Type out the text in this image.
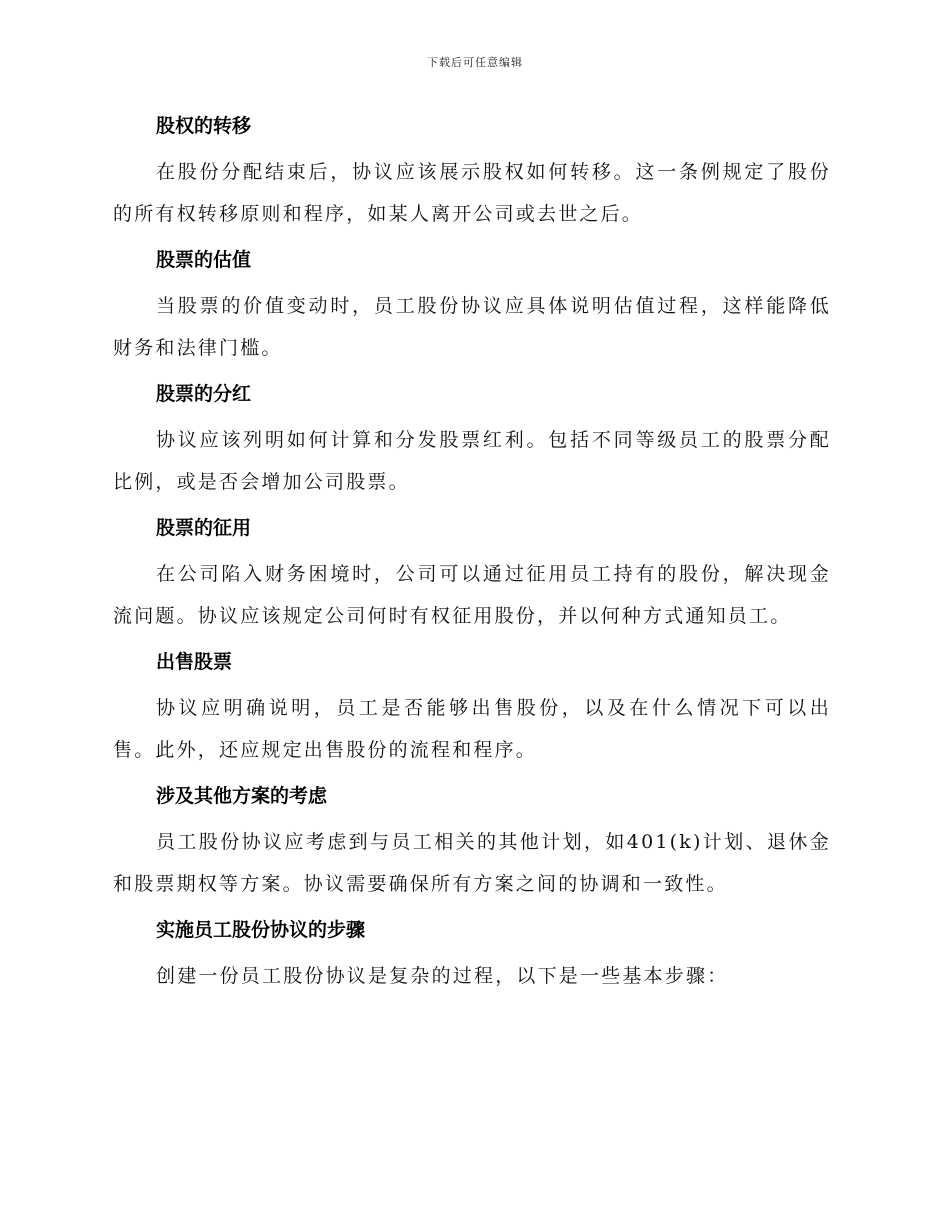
下载后可任意编辑
股权的转移
在股份分配结束后，协议应该展示股权如何转移。这一条例规定了股份的所有权转移原则和程序，如某人离开公司或去世之后。
股票的估值
当股票的价值变动时，员工股份协议应具体说明估值过程，这样能降低财务和法律门槛。
股票的分红
协议应该列明如何计算和分发股票红利。包括不同等级员工的股票分配比例，或是否会增加公司股票。
股票的征用
在公司陷入财务困境时，公司可以通过征用员工持有的股份，解决现金流问题。协议应该规定公司何时有权征用股份，并以何种方式通知员工。
出售股票
协议应明确说明，员工是否能够出售股份，以及在什么情况下可以出售。此外，还应规定出售股份的流程和程序。
涉及其他方案的考虑
员工股份协议应考虑到与员工相关的其他计划，如401(k)计划、退休金和股票期权等方案。协议需要确保所有方案之间的协调和一致性。
实施员工股份协议的步骤
创建一份员工股份协议是复杂的过程，以下是一些基本步骤：
